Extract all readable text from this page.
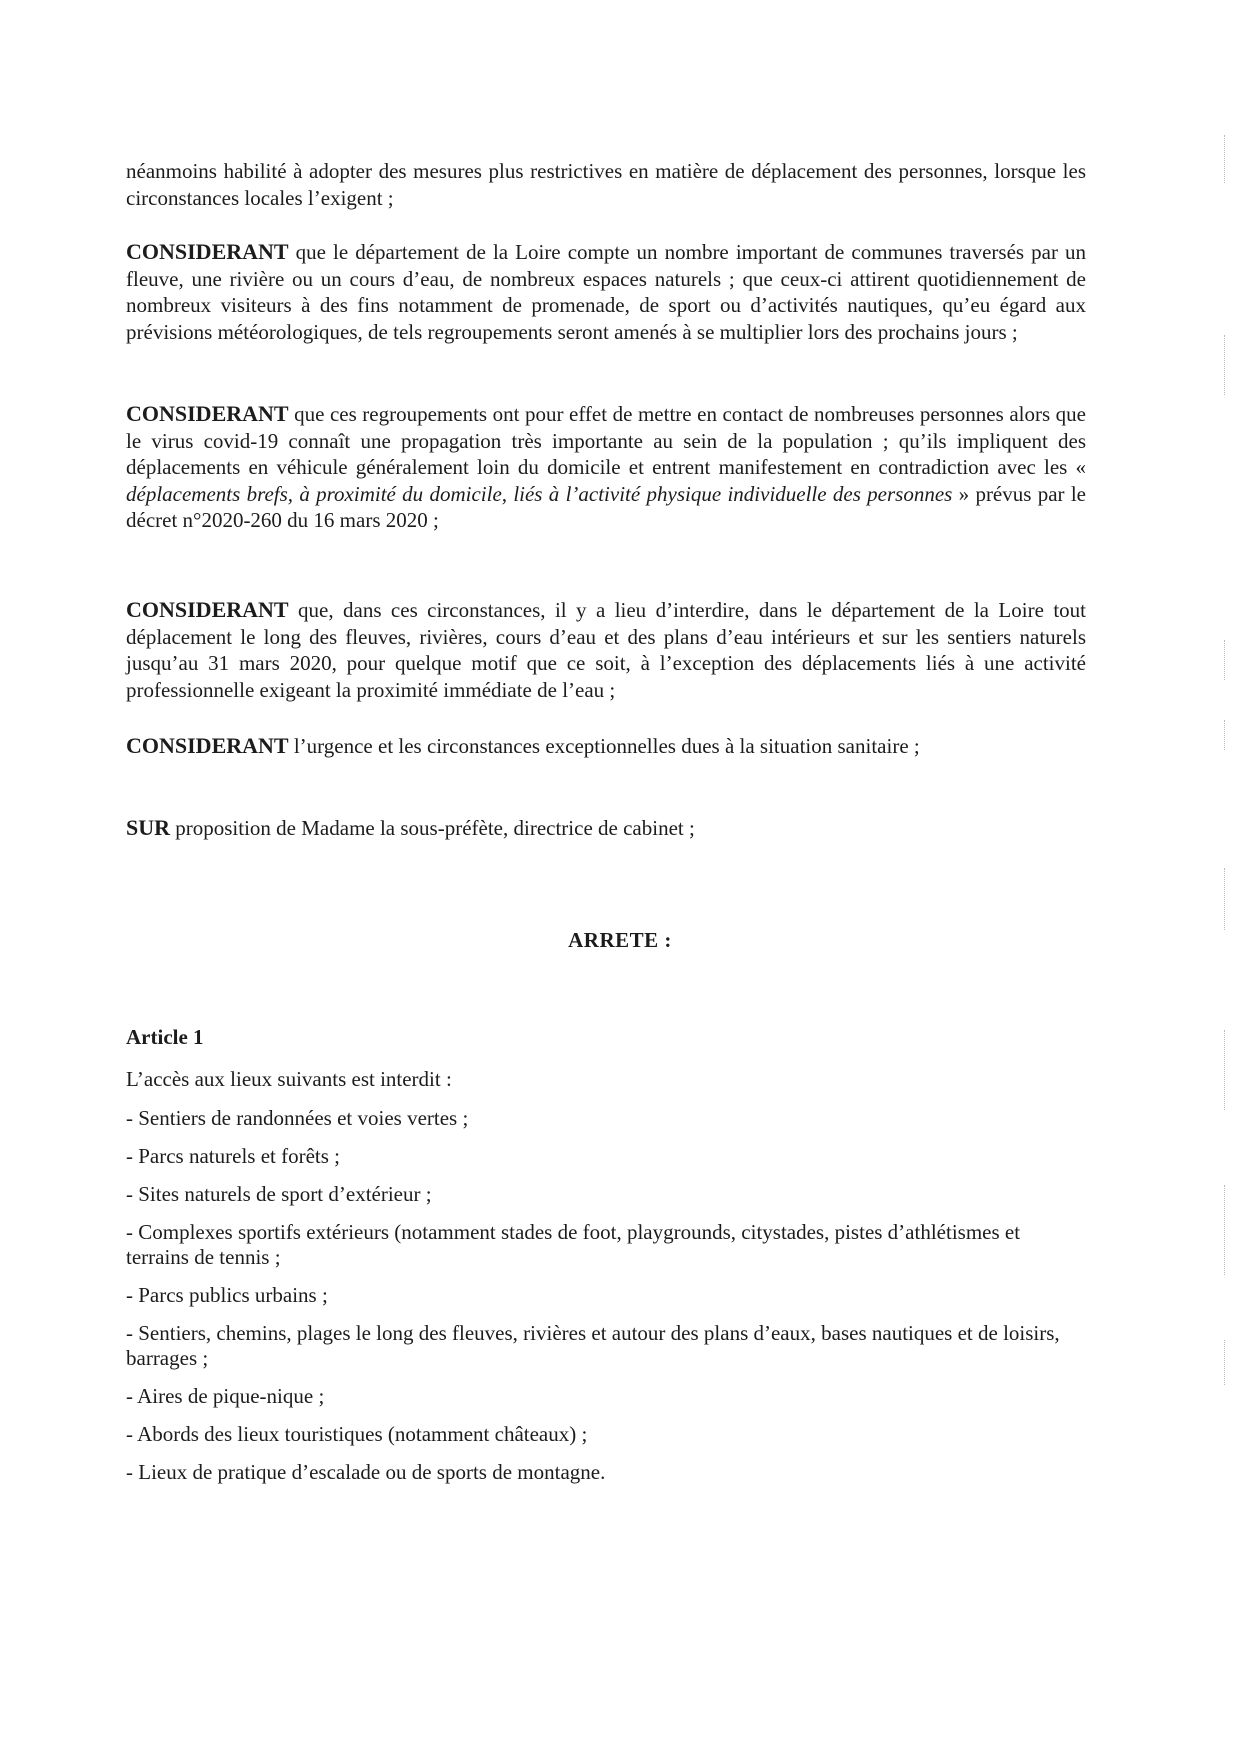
néanmoins habilité à adopter des mesures plus restrictives en matière de déplacement des personnes, lorsque les circonstances locales l’exigent ;

CONSIDERANT que le département de la Loire compte un nombre important de communes traversés par un fleuve, une rivière ou un cours d’eau, de nombreux espaces naturels ; que ceux-ci attirent quotidiennement de nombreux visiteurs à des fins notamment de promenade, de sport ou d’activités nautiques, qu’eu égard aux prévisions météorologiques, de tels regroupements seront amenés à se multiplier lors des prochains jours ;

CONSIDERANT que ces regroupements ont pour effet de mettre en contact de nombreuses personnes alors que le virus covid-19 connaît une propagation très importante au sein de la population ; qu’ils impliquent des déplacements en véhicule généralement loin du domicile et entrent manifestement en contradiction avec les « déplacements brefs, à proximité du domicile, liés à l’activité physique individuelle des personnes » prévus par le décret n°2020-260 du 16 mars 2020 ;

CONSIDERANT que, dans ces circonstances, il y a lieu d’interdire, dans le département de la Loire tout déplacement le long des fleuves, rivières, cours d’eau et des plans d’eau intérieurs et sur les sentiers naturels jusqu’au 31 mars 2020, pour quelque motif que ce soit, à l’exception des déplacements liés à une activité professionnelle exigeant la proximité immédiate de l’eau ;

CONSIDERANT l’urgence et les circonstances exceptionnelles dues à la situation sanitaire ;

SUR proposition de Madame la sous-préfète, directrice de cabinet ;

ARRETE :
Article 1

L’accès aux lieux suivants est interdit :

- Sentiers de randonnées et voies vertes ;
- Parcs naturels et forêts ;
- Sites naturels de sport d’extérieur ;
- Complexes sportifs extérieurs (notamment stades de foot, playgrounds, citystades, pistes d’athlétismes et terrains de tennis ;
- Parcs publics urbains ;
- Sentiers, chemins, plages le long des fleuves, rivières et autour des plans d’eaux, bases nautiques et de loisirs, barrages ;
- Aires de pique-nique ;
- Abords des lieux touristiques (notamment châteaux) ;
- Lieux de pratique d’escalade ou de sports de montagne.
